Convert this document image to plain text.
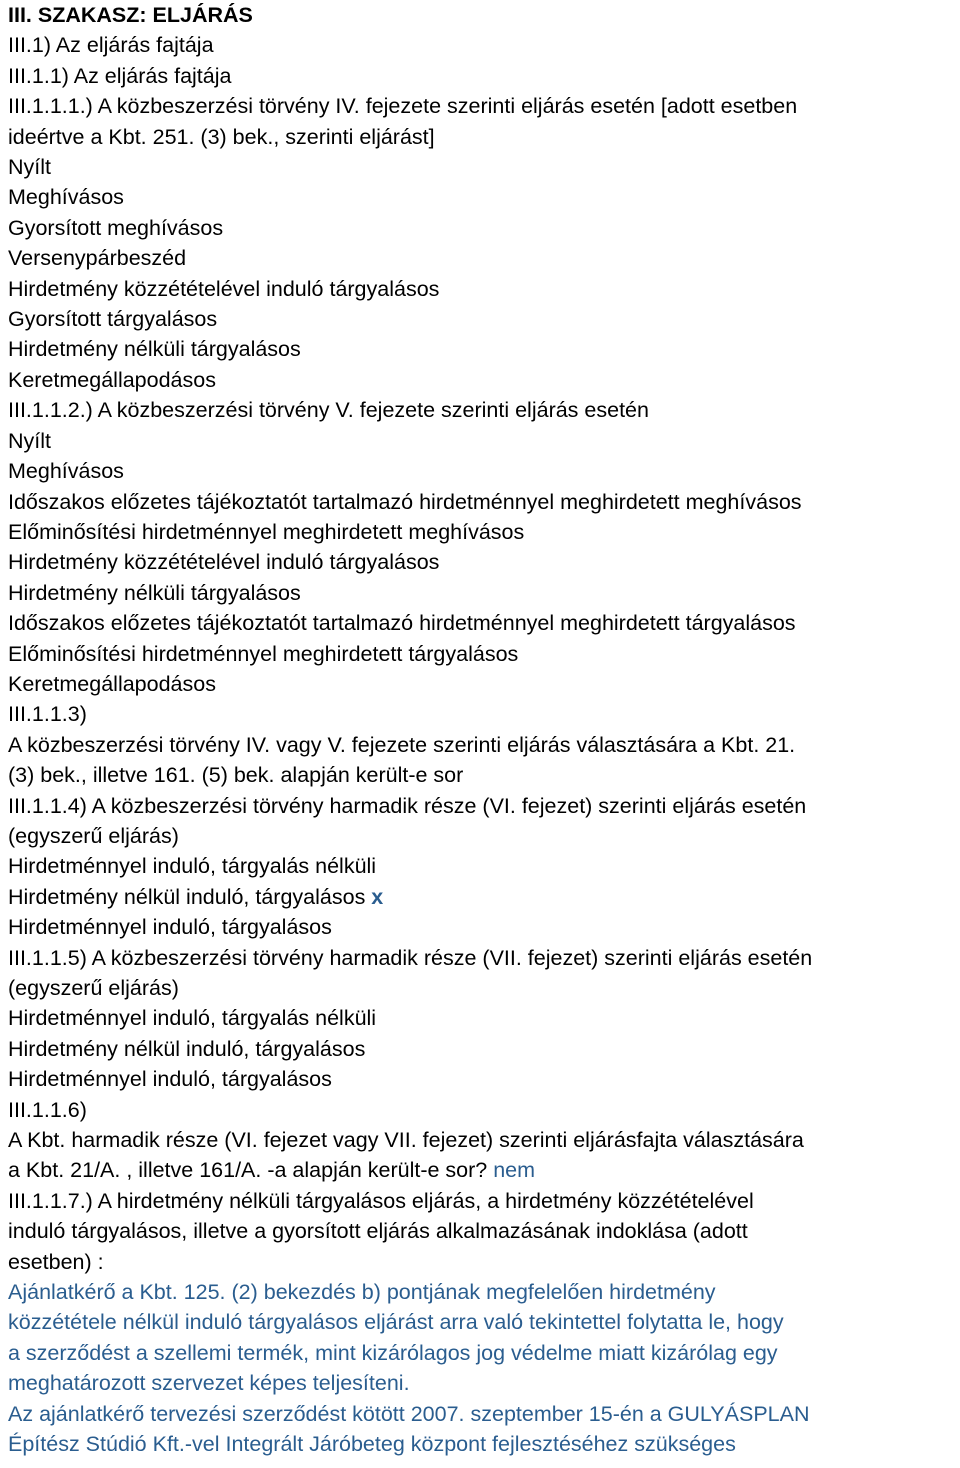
III. SZAKASZ: ELJÁRÁS
III.1) Az eljárás fajtája
III.1.1) Az eljárás fajtája
III.1.1.1.) A közbeszerzési törvény IV. fejezete szerinti eljárás esetén [adott esetben
ideértve a Kbt. 251. (3) bek., szerinti eljárást]
Nyílt
Meghívásos
Gyorsított meghívásos
Versenypárbeszéd
Hirdetmény közzétételével induló tárgyalásos
Gyorsított tárgyalásos
Hirdetmény nélküli tárgyalásos
Keretmegállapodásos
III.1.1.2.) A közbeszerzési törvény V. fejezete szerinti eljárás esetén
Nyílt
Meghívásos
Időszakos előzetes tájékoztatót tartalmazó hirdetménnyel meghirdetett meghívásos
Előminősítési hirdetménnyel meghirdetett meghívásos
Hirdetmény közzétételével induló tárgyalásos
Hirdetmény nélküli tárgyalásos
Időszakos előzetes tájékoztatót tartalmazó hirdetménnyel meghirdetett tárgyalásos
Előminősítési hirdetménnyel meghirdetett tárgyalásos
Keretmegállapodásos
III.1.1.3)
A közbeszerzési törvény IV. vagy V. fejezete szerinti eljárás választására a Kbt. 21.
(3) bek., illetve 161. (5) bek. alapján került-e sor
III.1.1.4) A közbeszerzési törvény harmadik része (VI. fejezet) szerinti eljárás esetén
(egyszerű eljárás)
Hirdetménnyel induló, tárgyalás nélküli
Hirdetmény nélkül induló, tárgyalásos x
Hirdetménnyel induló, tárgyalásos
III.1.1.5) A közbeszerzési törvény harmadik része (VII. fejezet) szerinti eljárás esetén
(egyszerű eljárás)
Hirdetménnyel induló, tárgyalás nélküli
Hirdetmény nélkül induló, tárgyalásos
Hirdetménnyel induló, tárgyalásos
III.1.1.6)
A Kbt. harmadik része (VI. fejezet vagy VII. fejezet) szerinti eljárásfajta választására
a Kbt. 21/A. , illetve 161/A. -a alapján került-e sor? nem
III.1.1.7.) A hirdetmény nélküli tárgyalásos eljárás, a hirdetmény közzétételével
induló tárgyalásos, illetve a gyorsított eljárás alkalmazásának indoklása (adott
esetben) :
Ajánlatkérő a Kbt. 125. (2) bekezdés b) pontjának megfelelően hirdetmény
közzététele nélkül induló tárgyalásos eljárást arra való tekintettel folytatta le, hogy
a szerződést a szellemi termék, mint kizárólagos jog védelme miatt kizárólag egy
meghatározott szervezet képes teljesíteni.
Az ajánlatkérő tervezési szerződést kötött 2007. szeptember 15-én a GULYÁSPLAN
Építész Stúdió Kft.-vel Integrált Járóbeteg központ fejlesztéséhez szükséges
